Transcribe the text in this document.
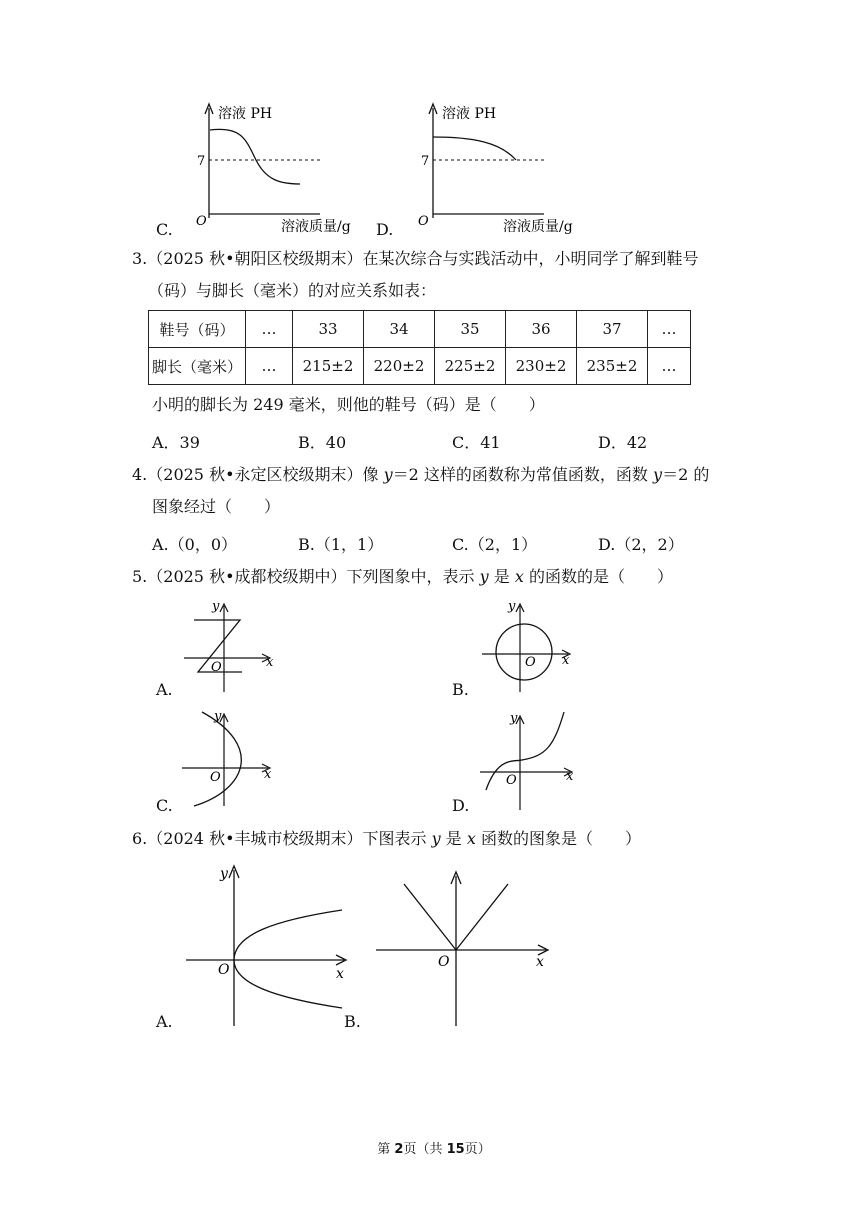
溶液 PH
7
O	溶液质量/g
C.
溶液 PH
7
O	溶液质量/g
D.
3.（2025 秋•朝阳区校级期末）在某次综合与实践活动中，小明同学了解到鞋号
（码）与脚长（毫米）的对应关系如表：
鞋号（码）	…	33	34	35	36	37	…
脚长（毫米）	…	215±2	220±2	225±2	230±2	235±2	…
小明的脚长为 249 毫米，则他的鞋号（码）是（　　）
A．39	B．40	C．41	D．42
4.（2025 秋•永定区校级期末）像 y＝2 这样的函数称为常值函数，函数 y＝2 的
图象经过（　　）
A.（0，0）	B.（1，1）	C.（2，1）	D.（2，2）
5.（2025 秋•成都校级期中）下列图象中，表示 y 是 x 的函数的是（　　）
y
x
O
A.
y
x
O
B.
y
x
O
C.
y
x
O
D.
6.（2024 秋•丰城市校级期末）下图表示 y 是 x 函数的图象是（　　）
y
x
O
A.
x
O
B.
第 2页（共 15页）
